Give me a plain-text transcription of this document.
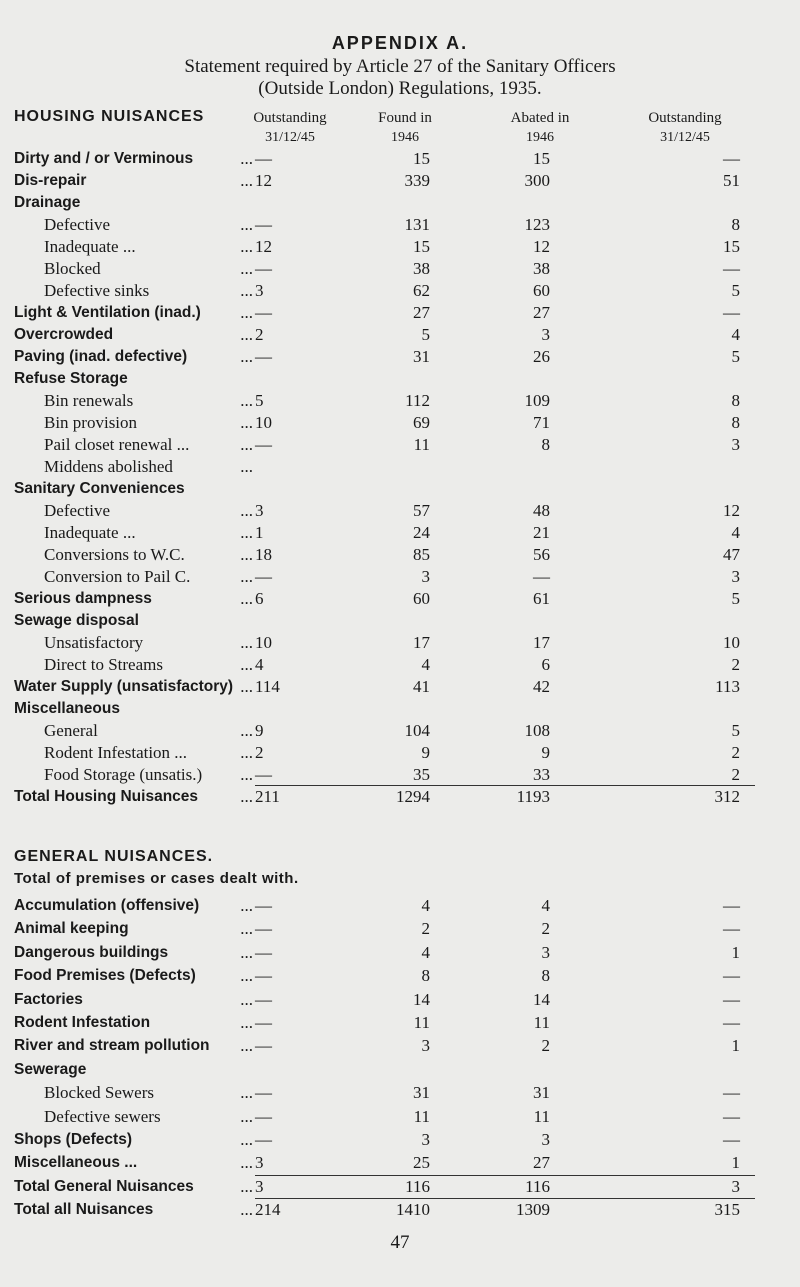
APPENDIX A.
Statement required by Article 27 of the Sanitary Officers
(Outside London) Regulations, 1935.
HOUSING NUISANCES	Outstanding	Found in	Abated in	Outstanding
31/12/45	1946	1946	31/12/45
Dirty and / or Verminous	... —	15	15	—
Dis-repair	... 12	339	300	51
Drainage
Defective	... —	131	123	8
Inadequate ...	... 12	15	12	15
Blocked	... —	38	38	—
Defective sinks	... 3	62	60	5
Light & Ventilation (inad.)	... —	27	27	—
Overcrowded	... 2	5	3	4
Paving (inad. defective)	... —	31	26	5
Refuse Storage
Bin renewals	... 5	112	109	8
Bin provision	... 10	69	71	8
Pail closet renewal ...	... —	11	8	3
Middens abolished	...
Sanitary Conveniences
Defective	... 3	57	48	12
Inadequate ...	... 1	24	21	4
Conversions to W.C.	... 18	85	56	47
Conversion to Pail C.	... —	3	—	3
Serious dampness	... 6	60	61	5
Sewage disposal
Unsatisfactory	... 10	17	17	10
Direct to Streams	... 4	4	6	2
Water Supply (unsatisfactory) ... 114	41	42	113
Miscellaneous
General	... 9	104	108	5
Rodent Infestation ...	... 2	9	9	2
Food Storage (unsatis.)	... —	35	33	2
Total Housing Nuisances	... 211	1294	1193	312
GENERAL NUISANCES.
Total of premises or cases dealt with.
Accumulation (offensive)	... —	4	4	—
Animal keeping	... —	2	2	—
Dangerous buildings	... —	4	3	1
Food Premises (Defects)	... —	8	8	—
Factories	... —	14	14	—
Rodent Infestation	... —	11	11	—
River and stream pollution	... —	3	2	1
Sewerage
Blocked Sewers	... —	31	31	—
Defective sewers	... —	11	11	—
Shops (Defects)	... —	3	3	—
Miscellaneous ...	... 3	25	27	1
Total General Nuisances	... 3	116	116	3
Total all Nuisances	... 214	1410	1309	315
47
